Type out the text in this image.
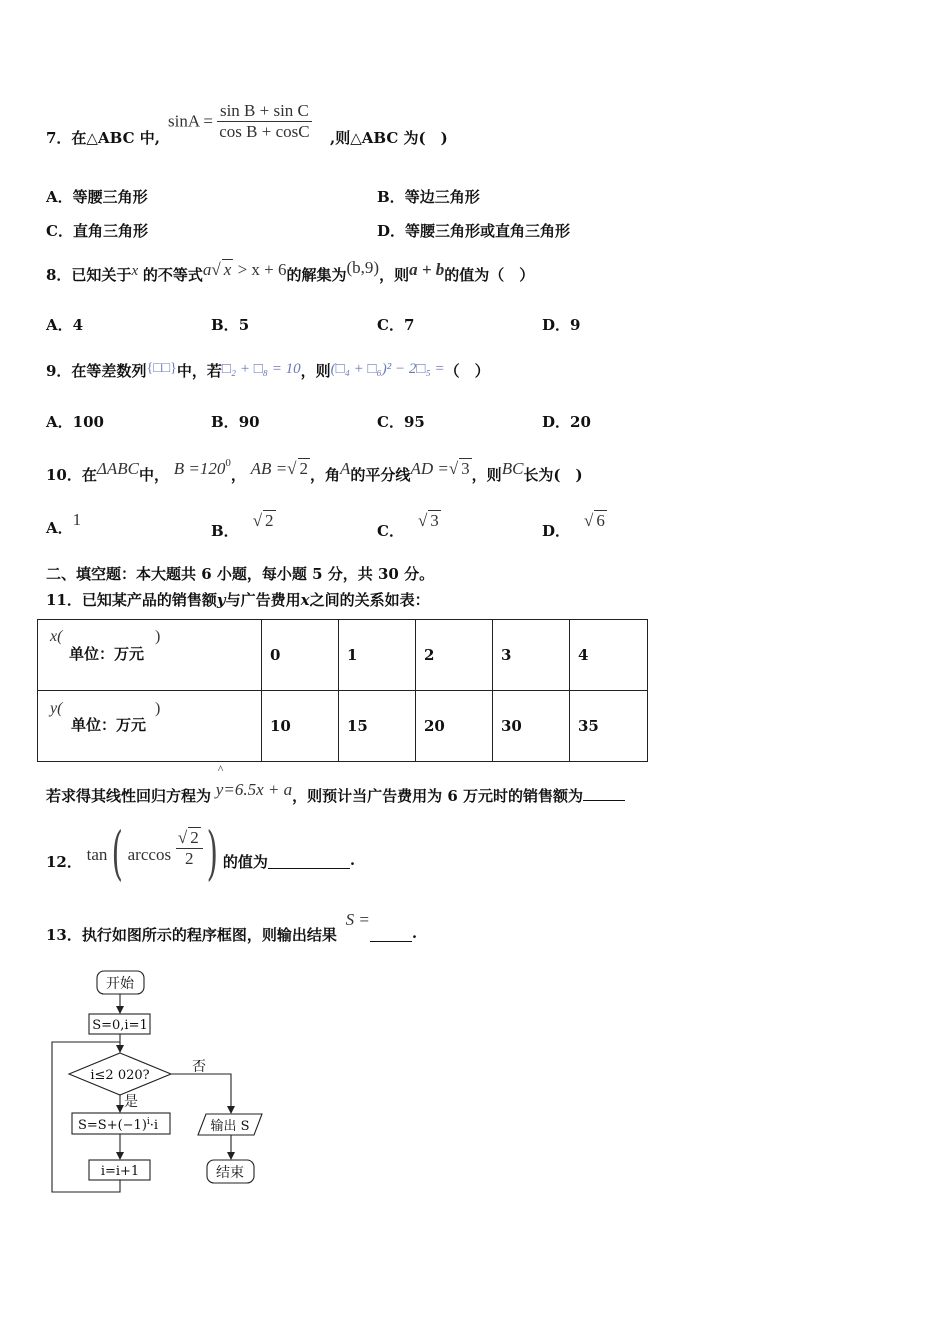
7．在△ABC 中,
$\sin A = \frac{\text{sin B + sin C}}{\text{cos B + cosC}}$ ,则△ABC 为(　)
A．等腰三角形	B．等边三角形
C．直角三角形	D．等腰三角形或直角三角形
8．已知关于x 的不等式a√ x > x + 6的解集为(b,9)，则a + b的值为（　）
A．4	B．5	C．7	D．9
9．在等差数列{□□}中，若□₂ + □₈ = 10，则(□₄ + □₆)² − 2□₅ =（　）
A．100	B．90	C．95	D．20
10．在ΔABC中， $B =120^0$， AB =√ 2 ，角A的平分线AD =√ 3 ，则BC长为(　)
A．1
B．√ 2
C．√ 3
D．√ 6
二、填空题：本大题共 6 小题，每小题 5 分，共 30 分。
11．已知某产品的销售额y与广告费用x之间的关系如表：
x(
单位：万元
)	0	1	2	3	4

y(
单位：万元
)	10	15	20	30	35
若求得其线性回归方程为
^
y=6.5x + a，则预计当广告费用为 6 万元时的销售额为
12． tan ( $\arccos \frac{√ 2}{2}$ ) 的值为	.
13．执行如图所示的程序框图，则输出结果 S =.
开始
S=0,i=1
i≤2 020?
是
否
$S=S+(-1)^i\cdot i$
i=i+1
输出 S
结束
